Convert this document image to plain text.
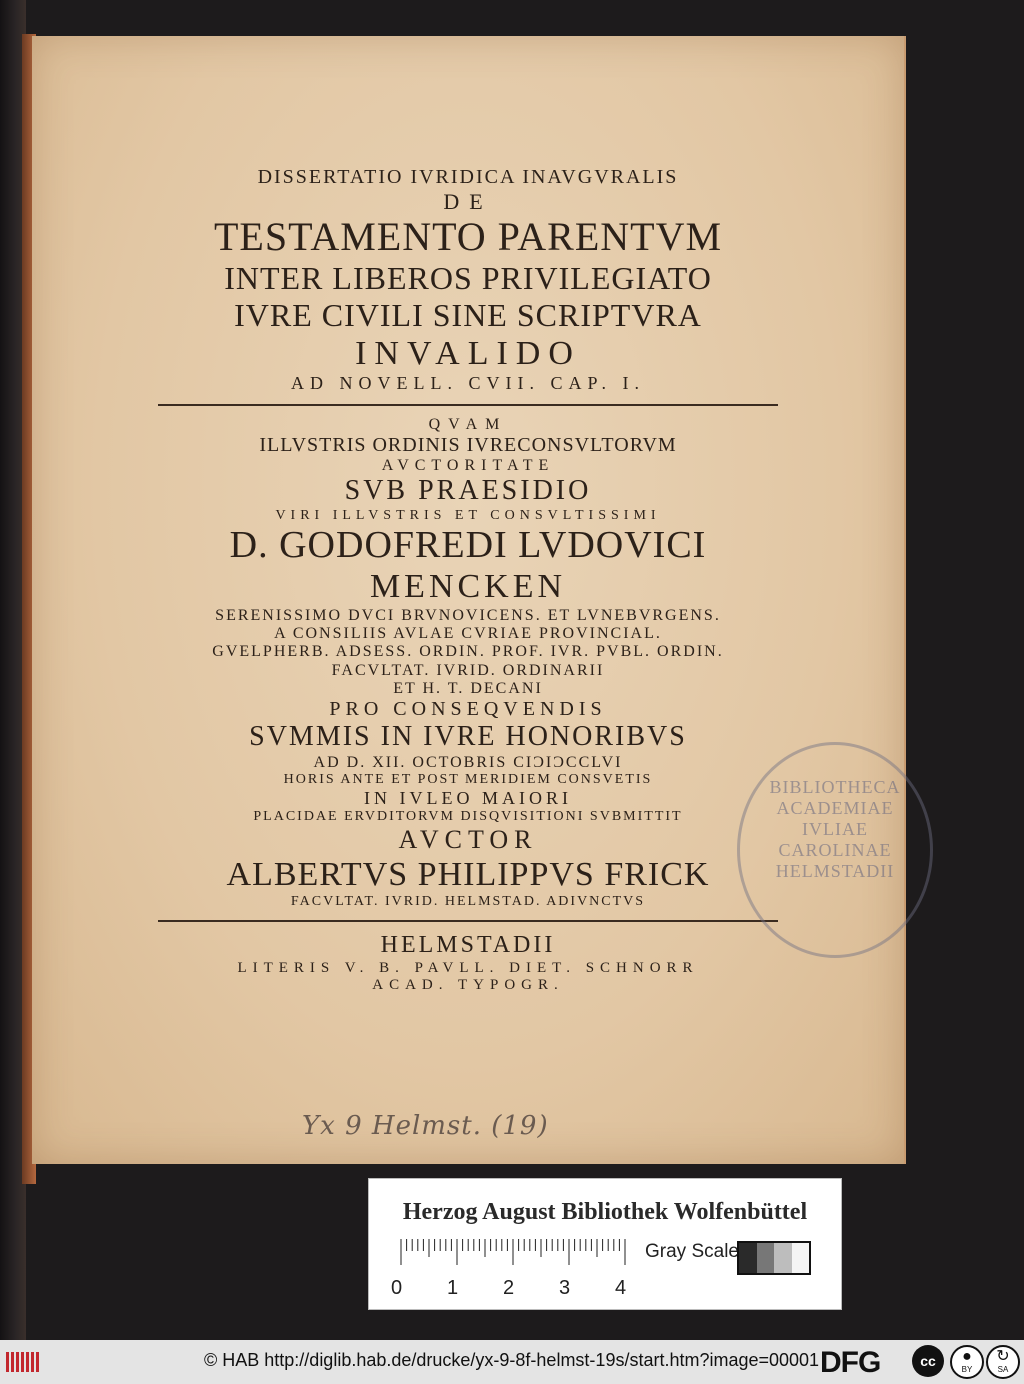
DISSERTATIO IVRIDICA INAVGVRALIS
DE
TESTAMENTO PARENTVM
INTER LIBEROS PRIVILEGIATO
IVRE CIVILI SINE SCRIPTVRA
INVALIDO
AD NOVELL. CVII. CAP. I.
QVAM
ILLVSTRIS ORDINIS IVRECONSVLTORVM
AVCTORITATE
SVB PRAESIDIO
VIRI ILLVSTRIS ET CONSVLTISSIMI
D. GODOFREDI LVDOVICI
MENCKEN
SERENISSIMO DVCI BRVNOVICENS. ET LVNEBVRGENS.
A CONSILIIS AVLAE CVRIAE PROVINCIAL.
GVELPHERB. ADSESS. ORDIN. PROF. IVR. PVBL. ORDIN.
FACVLTAT. IVRID. ORDINARII
ET H. T. DECANI
PRO CONSEQVENDIS
SVMMIS IN IVRE HONORIBVS
AD D. XII. OCTOBRIS CIƆIƆCCLVI
HORIS ANTE ET POST MERIDIEM CONSVETIS
IN IVLEO MAIORI
PLACIDAE ERVDITORVM DISQVISITIONI SVBMITTIT
AVCTOR
ALBERTVS PHILIPPVS FRICK
FACVLTAT. IVRID. HELMSTAD. ADIVNCTVS
HELMSTADII
LITERIS V. B. PAVLL. DIET. SCHNORR
ACAD. TYPOGR.
BIBLIOTHECA
ACADEMIAE
IVLIAE
CAROLINAE
HELMSTADII
Yx 9 Helmst. (19)
Herzog August Bibliothek Wolfenbüttel
0 1 2 3 4
Gray Scale
© HAB http://diglib.hab.de/drucke/yx-9-8f-helmst-19s/start.htm?image=00001 DFG	cc	●
BY
↻
SA
